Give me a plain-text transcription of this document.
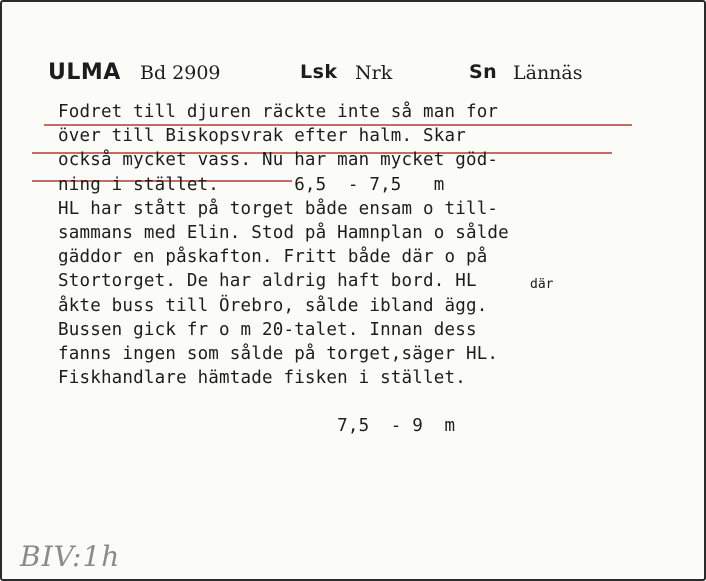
ULMA Bd 2909	Lsk Nrk	Sn Lännäs
Fodret till djuren räckte inte så man for
över till Biskopsvrak efter halm. Skar
också mycket vass. Nu har man mycket göd-
ning i stället.       6,5  - 7,5   m
HL har stått på torget både ensam o till-
sammans med Elin. Stod på Hamnplan o sålde
gäddor en påskafton. Fritt både där o på
Stortorget. De har aldrig haft bord. HL
åkte buss till Örebro, sålde ibland ägg.
Bussen gick fr o m 20-talet. Innan dess
fanns ingen som sålde på torget,säger HL.
Fiskhandlare hämtade fisken i stället.
7,5  - 9  m
där
BIV:1h
